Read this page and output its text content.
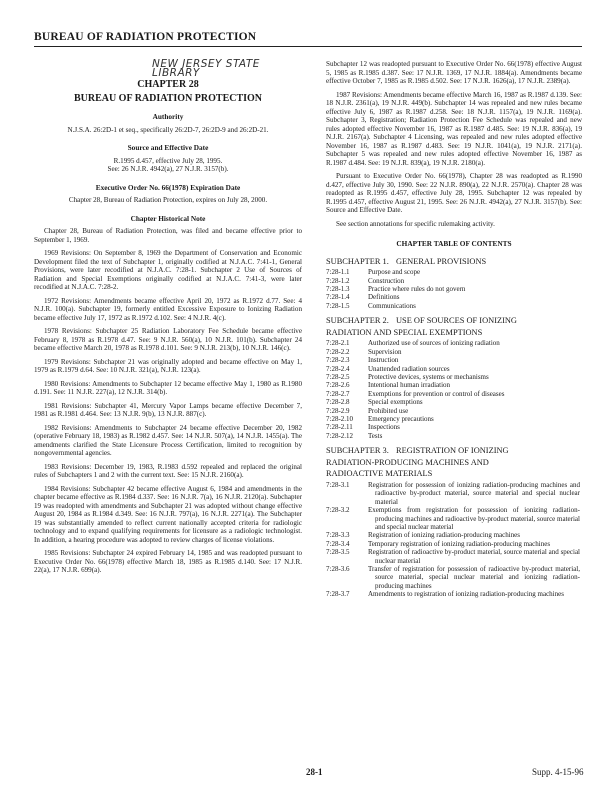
BUREAU OF RADIATION PROTECTION
NEW JERSEY STATE LIBRARY
CHAPTER 28
BUREAU OF RADIATION PROTECTION
Authority
N.J.S.A. 26:2D-1 et seq., specifically 26:2D-7, 26:2D-9 and 26:2D-21.
Source and Effective Date
R.1995 d.457, effective July 28, 1995.
See: 26 N.J.R. 4942(a), 27 N.J.R. 3157(b).
Executive Order No. 66(1978) Expiration Date
Chapter 28, Bureau of Radiation Protection, expires on July 28, 2000.
Chapter Historical Note

Chapter 28, Bureau of Radiation Protection, was filed and became effective prior to September 1, 1969.

1969 Revisions: On September 8, 1969 the Department of Conservation and Economic Development filed the text of Subchapter 1, originally codified at N.J.A.C. 7:41-1, General Provisions, were later recodified at N.J.A.C. 7:28-1. Subchapter 2 Use of Sources of Radiation and Special Exemptions originally codified at N.J.A.C. 7:41-3, were later recodified at N.J.A.C. 7:28-2.

1972 Revisions: Amendments became effective April 20, 1972 as R.1972 d.77. See: 4 N.J.R. 100(a). Subchapter 19, formerly entitled Excessive Exposure to Ionizing Radiation became effective July 17, 1972 as R.1972 d.102. See: 4 N.J.R. 4(c).

1978 Revisions: Subchapter 25 Radiation Laboratory Fee Schedule became effective February 8, 1978 as R.1978 d.47. See: 9 N.J.R. 560(a), 10 N.J.R. 101(b). Subchapter 24 became effective March 20, 1978 as R.1978 d.101. See: 9 N.J.R. 213(b), 10 N.J.R. 146(c).

1979 Revisions: Subchapter 21 was originally adopted and became effective on May 1, 1979 as R.1979 d.64. See: 10 N.J.R. 321(a), N.J.R. 123(a).

1980 Revisions: Amendments to Subchapter 12 became effective May 1, 1980 as R.1980 d.191. See: 11 N.J.R. 227(a), 12 N.J.R. 314(b).

1981 Revisions: Subchapter 41, Mercury Vapor Lamps became effective December 7, 1981 as R.1981 d.464. See: 13 N.J.R. 9(b), 13 N.J.R. 887(c).

1982 Revisions: Amendments to Subchapter 24 became effective December 20, 1982 (operative February 18, 1983) as R.1982 d.457. See: 14 N.J.R. 507(a), 14 N.J.R. 1455(a). The amendments clarified the State Licensure Process Certification, limited to recognition by nongovernmental agencies.

1983 Revisions: December 19, 1983, R.1983 d.592 repealed and replaced the original rules of Subchapters 1 and 2 with the current text. See: 15 N.J.R. 2160(a).

1984 Revisions: Subchapter 42 became effective August 6, 1984 and amendments in the chapter became effective as R.1984 d.337. See: 16 N.J.R. 7(a), 16 N.J.R. 2120(a). Subchapter 19 was readopted with amendments and Subchapter 21 was adopted without change effective August 20, 1984 as R.1984 d.349. See: 16 N.J.R. 797(a), 16 N.J.R. 2271(a). The Subchapter 19 was substantially amended to reflect current nationally accepted criteria for radiologic technology and to expand qualifying requirements for licensure as a radiologic technologist. In addition, a hearing procedure was adopted to review charges of license violations.

1985 Revisions: Subchapter 24 expired February 14, 1985 and was readopted pursuant to Executive Order No. 66(1978) effective March 18, 1985 as R.1985 d.140. See: 17 N.J.R. 22(a), 17 N.J.R. 699(a).

Subchapter 12 was readopted pursuant to Executive Order No. 66(1978) effective August 5, 1985 as R.1985 d.387. See: 17 N.J.R. 1369, 17 N.J.R. 1884(a). Amendments became effective October 7, 1985 as R.1985 d.502. See: 17 N.J.R. 1626(a), 17 N.J.R. 2389(a).

1987 Revisions: Amendments became effective March 16, 1987 as R.1987 d.139. See: 18 N.J.R. 2361(a), 19 N.J.R. 449(b). Subchapter 14 was repealed and new rules became effective July 6, 1987 as R.1987 d.258. See: 18 N.J.R. 1157(a), 19 N.J.R. 1169(a). Subchapter 3, Registration; Radiation Protection Fee Schedule was repealed and new rules adopted effective November 16, 1987 as R.1987 d.485. See: 19 N.J.R. 836(a), 19 N.J.R. 2167(a). Subchapter 4 Licensing, was repealed and new rules adopted effective November 16, 1987 as R.1987 d.483. See: 19 N.J.R. 1041(a), 19 N.J.R. 2171(a). Subchapter 5 was repealed and new rules adopted effective November 16, 1987 as R.1987 d.484. See: 19 N.J.R. 839(a), 19 N.J.R. 2180(a).

Pursuant to Executive Order No. 66(1978), Chapter 28 was readopted as R.1990 d.427, effective July 30, 1990. See: 22 N.J.R. 890(a), 22 N.J.R. 2570(a). Chapter 28 was readopted as R.1995 d.457, effective July 28, 1995. Subchapter 12 was repealed by R.1995 d.457, effective August 21, 1995. See: 26 N.J.R. 4942(a), 27 N.J.R. 3157(b). See: Source and Effective Date.

See section annotations for specific rulemaking activity.

CHAPTER TABLE OF CONTENTS
SUBCHAPTER 1. GENERAL PROVISIONS
7:28-1.1	Purpose and scope
7:28-1.2	Construction
7:28-1.3	Practice where rules do not govern
7:28-1.4	Definitions
7:28-1.5	Communications
SUBCHAPTER 2. USE OF SOURCES OF IONIZING
RADIATION AND SPECIAL EXEMPTIONS
7:28-2.1	Authorized use of sources of ionizing radiation
7:28-2.2	Supervision
7:28-2.3	Instruction
7:28-2.4	Unattended radiation sources
7:28-2.5	Protective devices, systems or mechanisms
7:28-2.6	Intentional human irradiation
7:28-2.7	Exemptions for prevention or control of diseases
7:28-2.8	Special exemptions
7:28-2.9	Prohibited use
7:28-2.10	Emergency precautions
7:28-2.11	Inspections
7:28-2.12	Tests
SUBCHAPTER 3. REGISTRATION OF IONIZING
RADIATION-PRODUCING MACHINES AND
RADIOACTIVE MATERIALS
7:28-3.1	Registration for possession of ionizing radiation-producing machines and radioactive by-product material, source material and special nuclear material
7:28-3.2	Exemptions from registration for possession of ionizing radiation-producing machines and radioactive by-product material, source material and special nuclear material
7:28-3.3	Registration of ionizing radiation-producing machines
7:28-3.4	Temporary registration of ionizing radiation-producing machines
7:28-3.5	Registration of radioactive by-product material, source material and special nuclear material
7:28-3.6	Transfer of registration for possession of radioactive by-product material, source material, special nuclear material and ionizing radiation-producing machines
7:28-3.7	Amendments to registration of ionizing radiation-producing machines
28-1	Supp. 4-15-96
